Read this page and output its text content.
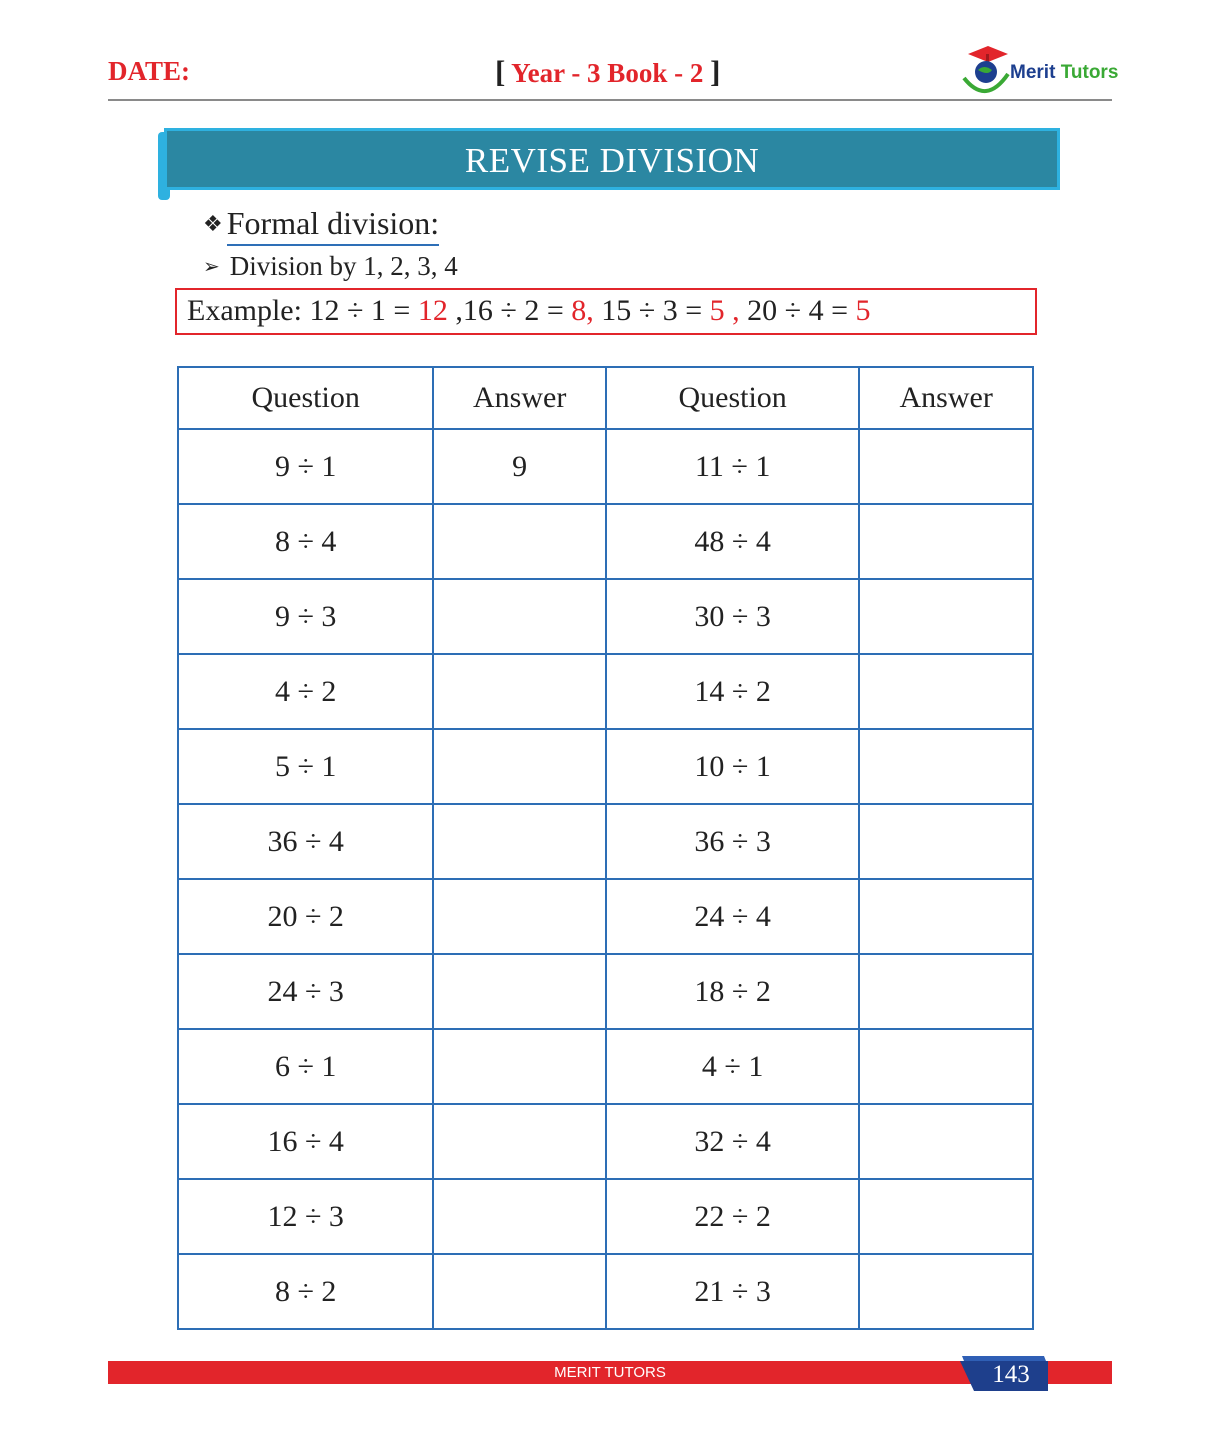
DATE:	[ Year - 3 Book - 2 ]	Merit Tutors
REVISE DIVISION
❖ Formal division:
➢ Division by 1, 2, 3, 4
Example: 12 ÷ 1 = 12 ,16 ÷ 2 = 8, 15 ÷ 3 = 5 , 20 ÷ 4 = 5
Question	Answer	Question	Answer
9 ÷ 1	9	11 ÷ 1	
8 ÷ 4		48 ÷ 4	
9 ÷ 3		30 ÷ 3	
4 ÷ 2		14 ÷ 2	
5 ÷ 1		10 ÷ 1	
36 ÷ 4		36 ÷ 3	
20 ÷ 2		24 ÷ 4	
24 ÷ 3		18 ÷ 2	
6 ÷ 1		4 ÷ 1	
16 ÷ 4		32 ÷ 4	
12 ÷ 3		22 ÷ 2	
8 ÷ 2		21 ÷ 3	
MERIT TUTORS	143
